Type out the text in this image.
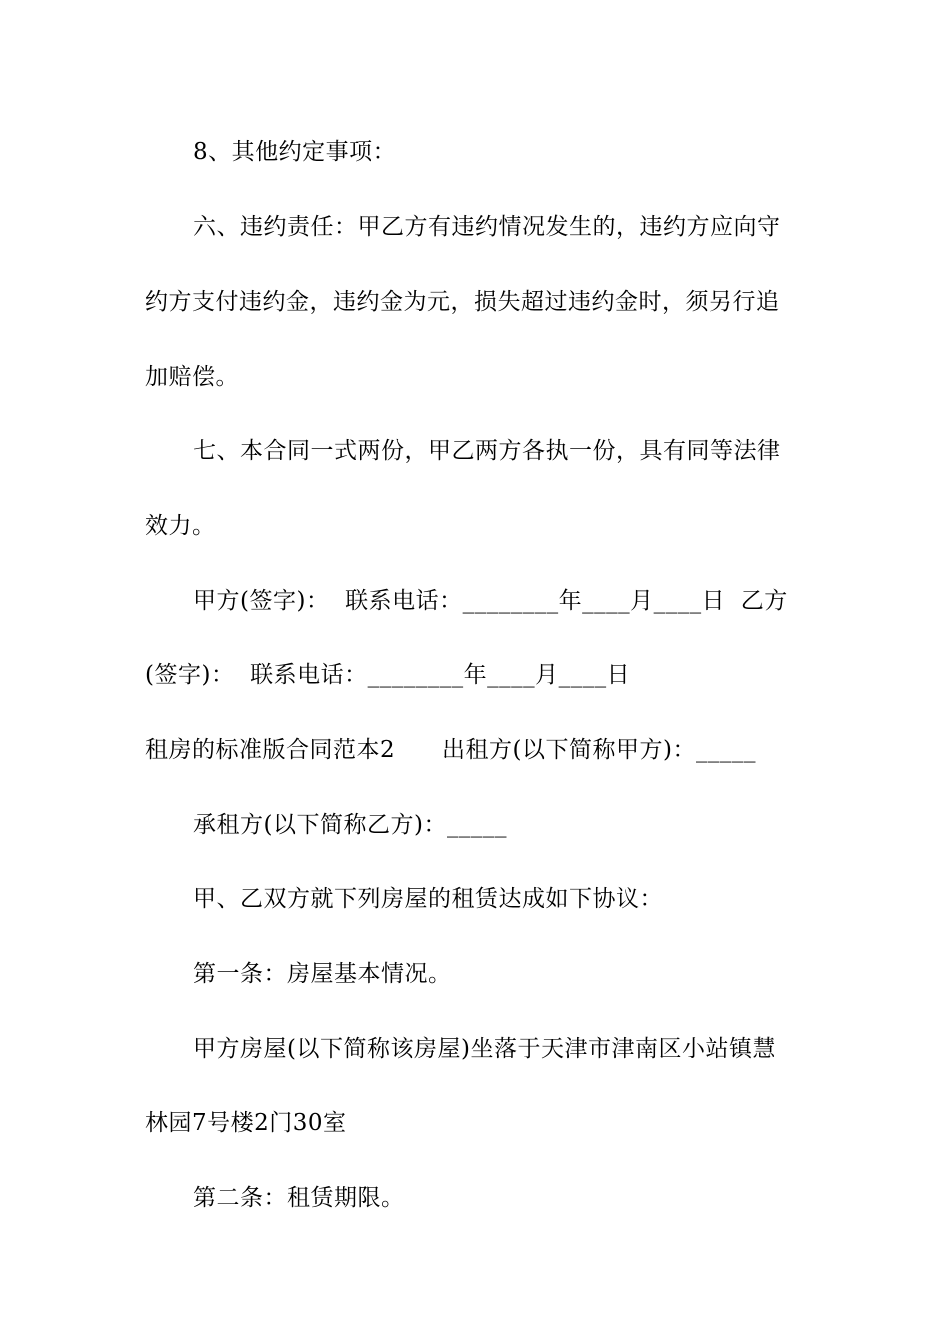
8、其他约定事项：
六、违约责任：甲乙方有违约情况发生的，违约方应向守
约方支付违约金，违约金为元，损失超过违约金时，须另行追
加赔偿。
七、本合同一式两份，甲乙两方各执一份，具有同等法律
效力。
甲方(签字)：  联系电话：________年____月____日  乙方
(签字)：  联系电话：________年____月____日
租房的标准版合同范本2      出租方(以下简称甲方)：_____
承租方(以下简称乙方)：_____
甲、乙双方就下列房屋的租赁达成如下协议：
第一条：房屋基本情况。
甲方房屋(以下简称该房屋)坐落于天津市津南区小站镇慧
林园7号楼2门30室
第二条：租赁期限。
